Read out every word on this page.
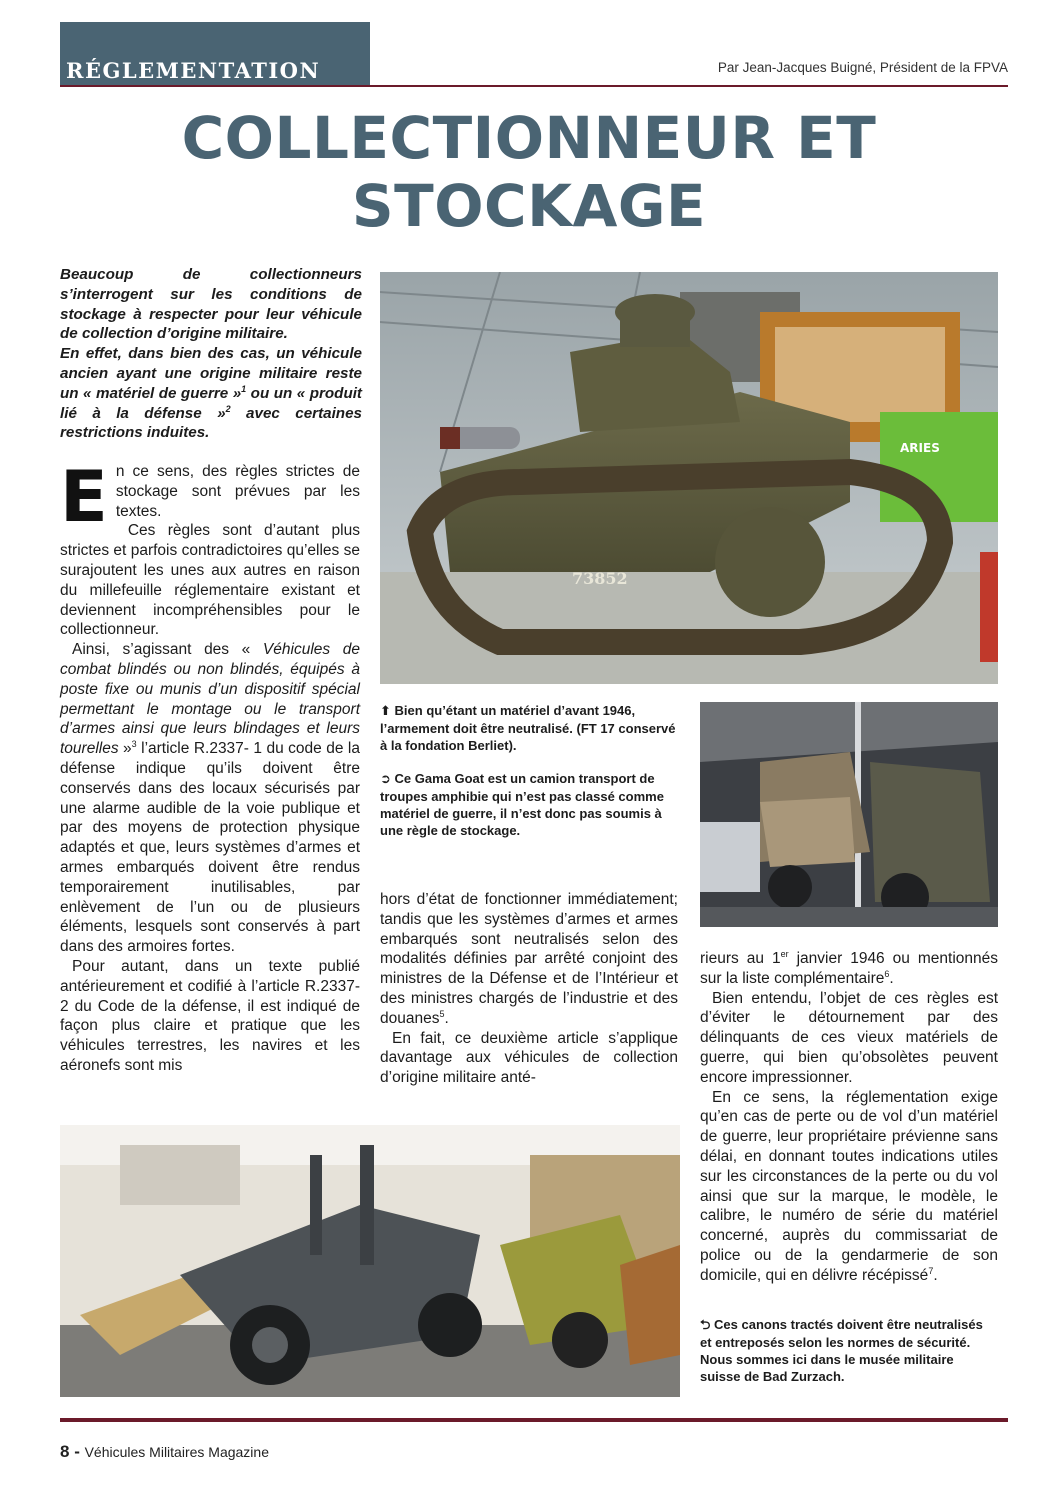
RÉGLEMENTATION	Par Jean-Jacques Buigné, Président de la FPVA
COLLECTIONNEUR ET
STOCKAGE

Beaucoup de collectionneurs s’interrogent sur les conditions de stockage à respecter pour leur véhicule de collection d’origine militaire.

En effet, dans bien des cas, un véhicule ancien ayant une origine militaire reste un « matériel de guerre »$^1$ ou un « produit lié à la défense »$^2$ avec certaines restrictions induites.

En ce sens, des règles strictes de stockage sont prévues par les textes.

Ces règles sont d’autant plus strictes et parfois contradictoires qu’elles se surajoutent les unes aux autres en raison du millefeuille réglementaire existant et deviennent incompréhensibles pour le collectionneur.

Ainsi, s’agissant des « Véhicules de combat blindés ou non blindés, équipés à poste fixe ou munis d’un dispositif spécial permettant le montage ou le transport d’armes ainsi que leurs blindages et leurs tourelles »$^3$ l’article R.2337- 1 du code de la défense indique qu’ils doivent être conservés dans des locaux sécurisés par une alarme audible de la voie publique et par des moyens de protection physique adaptés et que, leurs systèmes d’armes et armes embarqués doivent être rendus temporairement inutilisables, par enlèvement de l’un ou de plusieurs éléments, lesquels sont conservés à part dans des armoires fortes.

Pour autant, dans un texte publié antérieurement et codifié à l’article R.2337-2 du Code de la défense, il est indiqué de façon plus claire et pratique que les véhicules terrestres, les navires et les aéronefs sont mis

hors d’état de fonctionner immédiatement; tandis que les systèmes d’armes et armes embarqués sont neutralisés selon des modalités définies par arrêté conjoint des ministres de la Défense et de l’Intérieur et des ministres chargés de l’industrie et des douanes$^5$.

En fait, ce deuxième article s’applique davantage aux véhicules de collection d’origine militaire anté-

rieurs au 1er janvier 1946 ou mentionnés sur la liste complémentaire$^6$.

Bien entendu, l’objet de ces règles est d’éviter le détournement par des délinquants de ces vieux matériels de guerre, qui bien qu’obsolètes peuvent encore impressionner.

En ce sens, la réglementation exige qu’en cas de perte ou de vol d’un matériel de guerre, leur propriétaire prévienne sans délai, en donnant toutes indications utiles sur les circonstances de la perte ou du vol ainsi que sur la marque, le modèle, le calibre, le numéro de série du matériel concerné, auprès du commissariat de police ou de la gendarmerie de son domicile, qui en délivre récépissé$^7$.

⬆ Bien qu’étant un matériel d’avant 1946, l’armement doit être neutralisé. (FT 17 conservé à la fondation Berliet).
➲ Ce Gama Goat est un camion transport de troupes amphibie qui n’est pas classé comme matériel de guerre, il n’est donc pas soumis à une règle de stockage.
⮌ Ces canons tractés doivent être neutralisés et entreposés selon les normes de sécurité. Nous sommes ici dans le musée militaire suisse de Bad Zurzach.
ARIES
73852
8 - Véhicules Militaires Magazine
